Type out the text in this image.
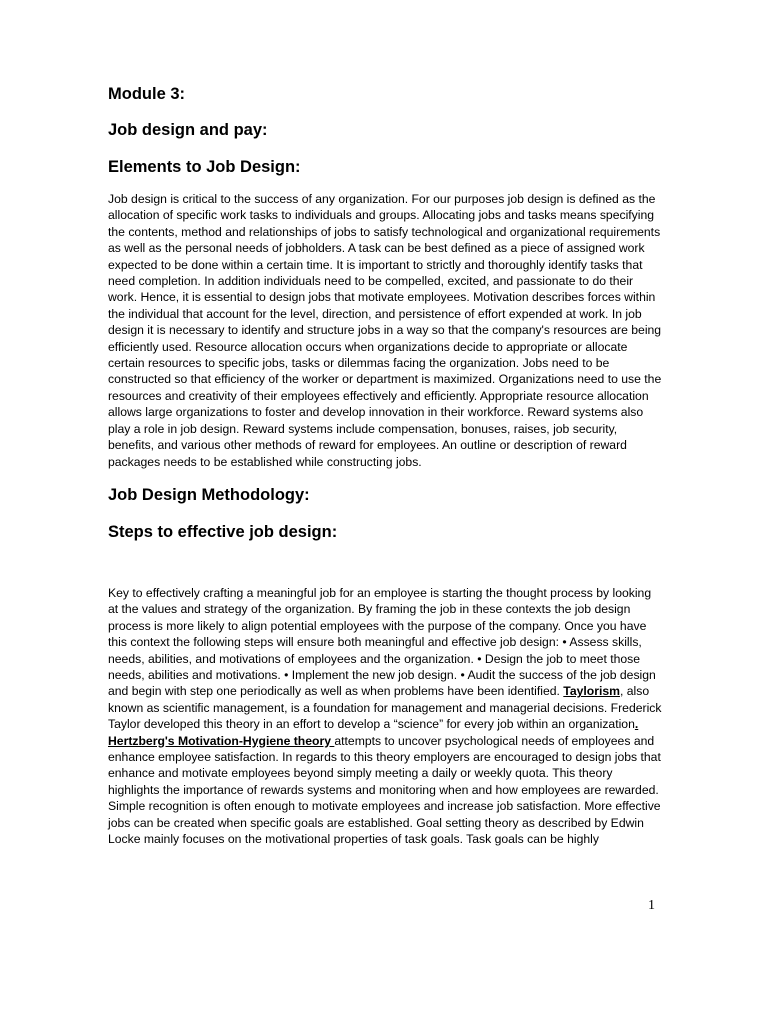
Module 3:
Job design and pay:
Elements to Job Design:

Job design is critical to the success of any organization. For our purposes job design is defined as the allocation of specific work tasks to individuals and groups. Allocating jobs and tasks means specifying the contents, method and relationships of jobs to satisfy technological and organizational requirements as well as the personal needs of jobholders. A task can be best defined as a piece of assigned work expected to be done within a certain time. It is important to strictly and thoroughly identify tasks that need completion. In addition individuals need to be compelled, excited, and passionate to do their work. Hence, it is essential to design jobs that motivate employees. Motivation describes forces within the individual that account for the level, direction, and persistence of effort expended at work. In job design it is necessary to identify and structure jobs in a way so that the company's resources are being efficiently used. Resource allocation occurs when organizations decide to appropriate or allocate certain resources to specific jobs, tasks or dilemmas facing the organization. Jobs need to be constructed so that efficiency of the worker or department is maximized. Organizations need to use the resources and creativity of their employees effectively and efficiently. Appropriate resource allocation allows large organizations to foster and develop innovation in their workforce. Reward systems also play a role in job design. Reward systems include compensation, bonuses, raises, job security, benefits, and various other methods of reward for employees. An outline or description of reward packages needs to be established while constructing jobs.

Job Design Methodology:
Steps to effective job design:

Key to effectively crafting a meaningful job for an employee is starting the thought process by looking at the values and strategy of the organization. By framing the job in these contexts the job design process is more likely to align potential employees with the purpose of the company. Once you have this context the following steps will ensure both meaningful and effective job design: • Assess skills, needs, abilities, and motivations of employees and the organization. • Design the job to meet those needs, abilities and motivations. • Implement the new job design. • Audit the success of the job design and begin with step one periodically as well as when problems have been identified. Taylorism, also known as scientific management, is a foundation for management and managerial decisions. Frederick Taylor developed this theory in an effort to develop a “science” for every job within an organization. Hertzberg's Motivation-Hygiene theory attempts to uncover psychological needs of employees and enhance employee satisfaction. In regards to this theory employers are encouraged to design jobs that enhance and motivate employees beyond simply meeting a daily or weekly quota. This theory highlights the importance of rewards systems and monitoring when and how employees are rewarded. Simple recognition is often enough to motivate employees and increase job satisfaction. More effective jobs can be created when specific goals are established. Goal setting theory as described by Edwin Locke mainly focuses on the motivational properties of task goals. Task goals can be highly

1
